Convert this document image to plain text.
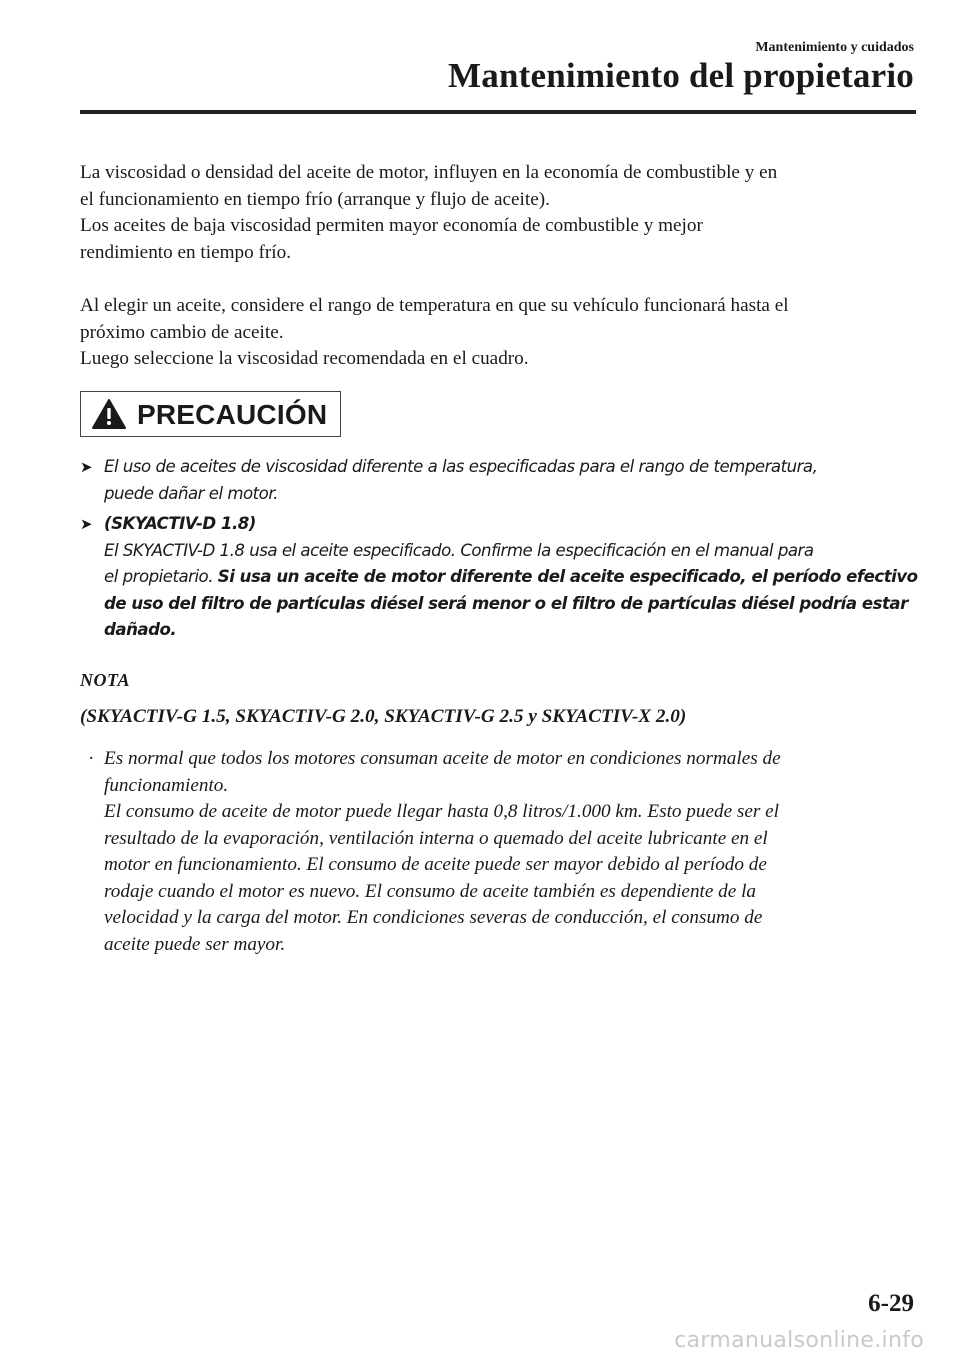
Mantenimiento y cuidados
Mantenimiento del propietario
La viscosidad o densidad del aceite de motor, influyen en la economía de combustible y en
el funcionamiento en tiempo frío (arranque y flujo de aceite).
Los aceites de baja viscosidad permiten mayor economía de combustible y mejor
rendimiento en tiempo frío.
Al elegir un aceite, considere el rango de temperatura en que su vehículo funcionará hasta el
próximo cambio de aceite.
Luego seleccione la viscosidad recomendada en el cuadro.
PRECAUCIÓN
➤ El uso de aceites de viscosidad diferente a las especificadas para el rango de temperatura,
puede dañar el motor.
➤ (SKYACTIV-D 1.8)
El SKYACTIV-D 1.8 usa el aceite especificado. Confirme la especificación en el manual para
el propietario. Si usa un aceite de motor diferente del aceite especificado, el período efectivo
de uso del filtro de partículas diésel será menor o el filtro de partículas diésel podría estar
dañado.
NOTA
(SKYACTIV-G 1.5, SKYACTIV-G 2.0, SKYACTIV-G 2.5 y SKYACTIV-X 2.0)
· Es normal que todos los motores consuman aceite de motor en condiciones normales de
funcionamiento.
El consumo de aceite de motor puede llegar hasta 0,8 litros/1.000 km. Esto puede ser el
resultado de la evaporación, ventilación interna o quemado del aceite lubricante en el
motor en funcionamiento. El consumo de aceite puede ser mayor debido al período de
rodaje cuando el motor es nuevo. El consumo de aceite también es dependiente de la
velocidad y la carga del motor. En condiciones severas de conducción, el consumo de
aceite puede ser mayor.
6-29
carmanualsonline.info
